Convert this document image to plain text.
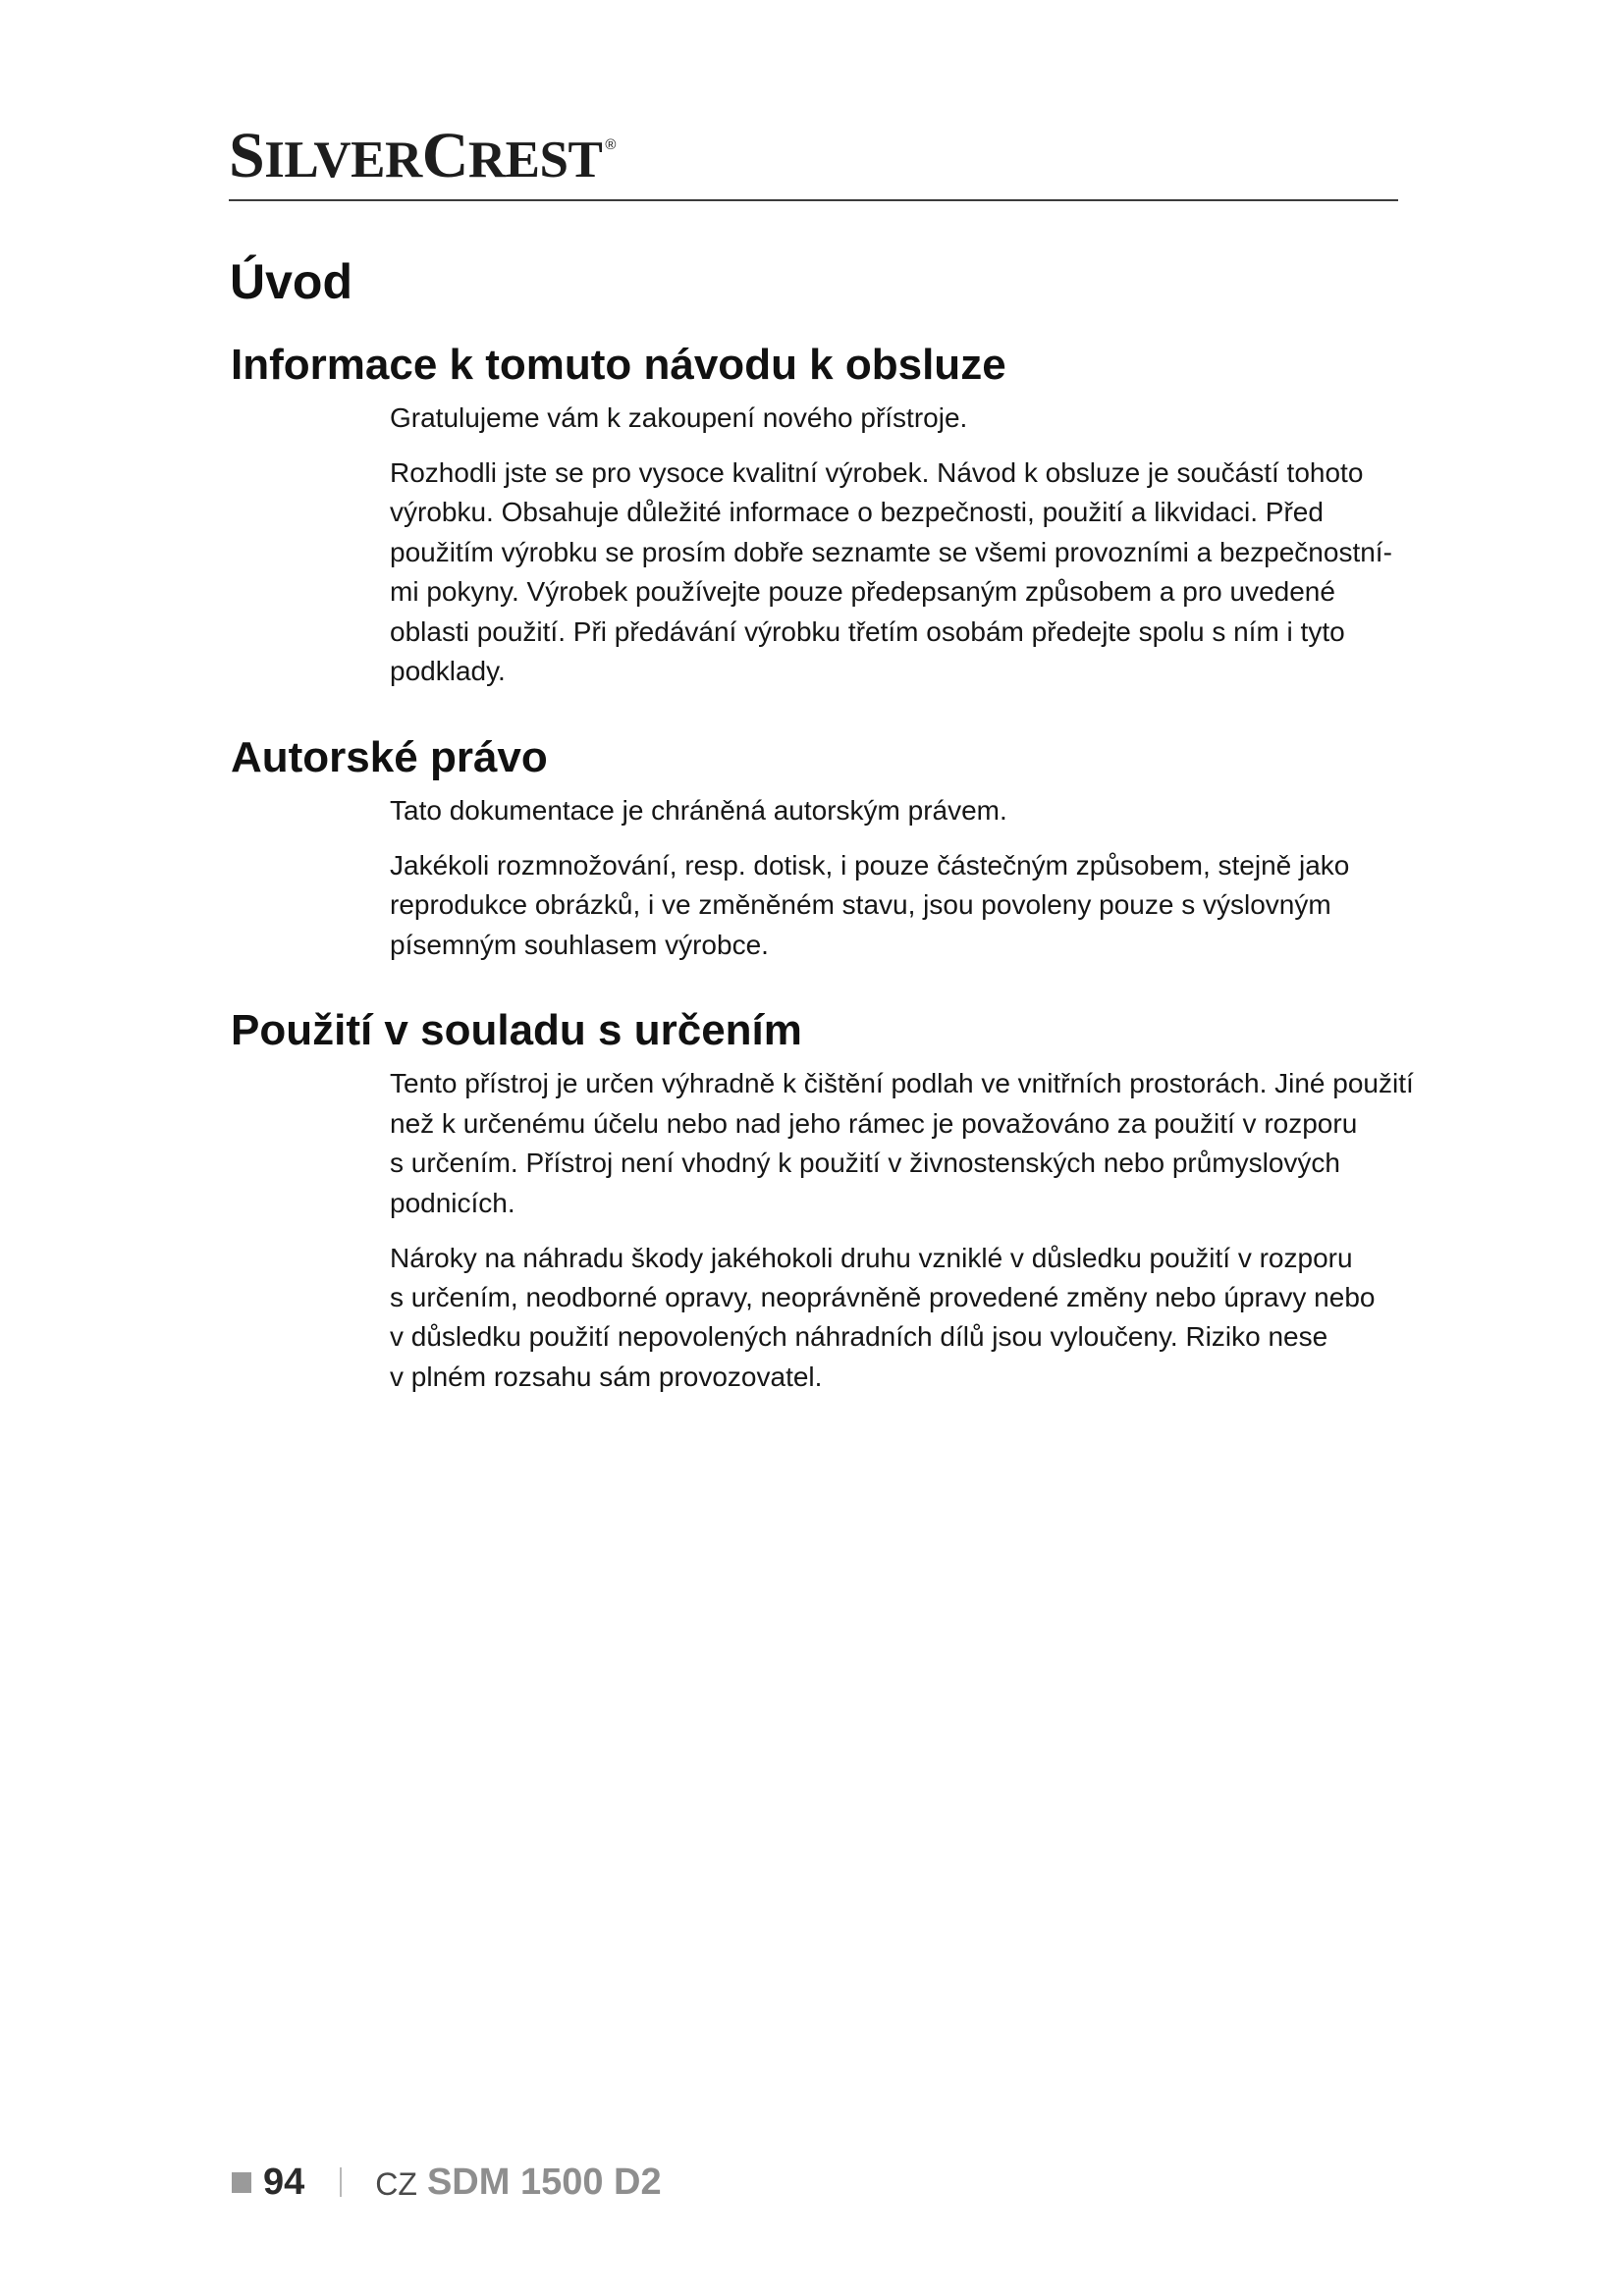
SILVER CREST ®
Úvod
Informace k tomuto návodu k obsluze
Gratulujeme vám k zakoupení nového přístroje.
Rozhodli jste se pro vysoce kvalitní výrobek. Návod k obsluze je součástí tohoto
výrobku. Obsahuje důležité informace o bezpečnosti, použití a likvidaci. Před
použitím výrobku se prosím dobře seznamte se všemi provozními a bezpečnostní-
mi pokyny. Výrobek používejte pouze předepsaným způsobem a pro uvedené
oblasti použití. Při předávání výrobku třetím osobám předejte spolu s ním i tyto
podklady.
Autorské právo
Tato dokumentace je chráněná autorským právem.
Jakékoli rozmnožování, resp. dotisk, i pouze částečným způsobem, stejně jako
reprodukce obrázků, i ve změněném stavu, jsou povoleny pouze s výslovným
písemným souhlasem výrobce.
Použití v souladu s určením
Tento přístroj je určen výhradně k čištění podlah ve vnitřních prostorách. Jiné použití
než k určenému účelu nebo nad jeho rámec je považováno za použití v rozporu
s určením. Přístroj není vhodný k použití v živnostenských nebo průmyslových
podnicích.
Nároky na náhradu škody jakéhokoli druhu vzniklé v důsledku použití v rozporu
s určením, neodborné opravy, neoprávněně provedené změny nebo úpravy nebo
v důsledku použití nepovolených náhradních dílů jsou vyloučeny. Riziko nese
v plném rozsahu sám provozovatel.
94 CZ SDM 1500 D2
